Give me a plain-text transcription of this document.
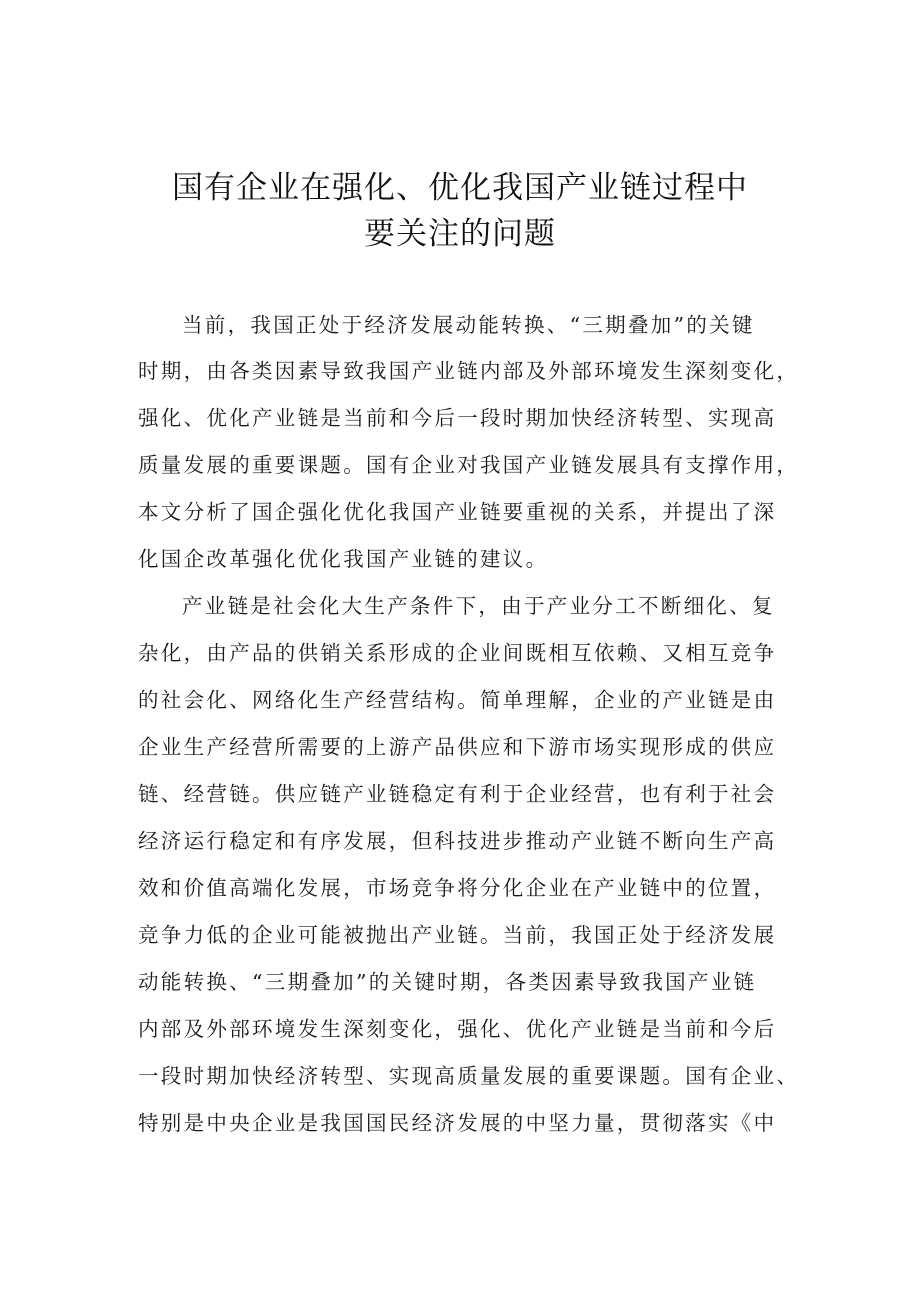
国有企业在强化、优化我国产业链过程中
要关注的问题
当前，我国正处于经济发展动能转换、“三期叠加”的关键
时期，由各类因素导致我国产业链内部及外部环境发生深刻变化，
强化、优化产业链是当前和今后一段时期加快经济转型、实现高
质量发展的重要课题。国有企业对我国产业链发展具有支撑作用，
本文分析了国企强化优化我国产业链要重视的关系，并提出了深
化国企改革强化优化我国产业链的建议。
产业链是社会化大生产条件下，由于产业分工不断细化、复
杂化，由产品的供销关系形成的企业间既相互依赖、又相互竞争
的社会化、网络化生产经营结构。简单理解，企业的产业链是由
企业生产经营所需要的上游产品供应和下游市场实现形成的供应
链、经营链。供应链产业链稳定有利于企业经营，也有利于社会
经济运行稳定和有序发展，但科技进步推动产业链不断向生产高
效和价值高端化发展，市场竞争将分化企业在产业链中的位置，
竞争力低的企业可能被抛出产业链。当前，我国正处于经济发展
动能转换、“三期叠加”的关键时期，各类因素导致我国产业链
内部及外部环境发生深刻变化，强化、优化产业链是当前和今后
一段时期加快经济转型、实现高质量发展的重要课题。国有企业、
特别是中央企业是我国国民经济发展的中坚力量，贯彻落实《中
